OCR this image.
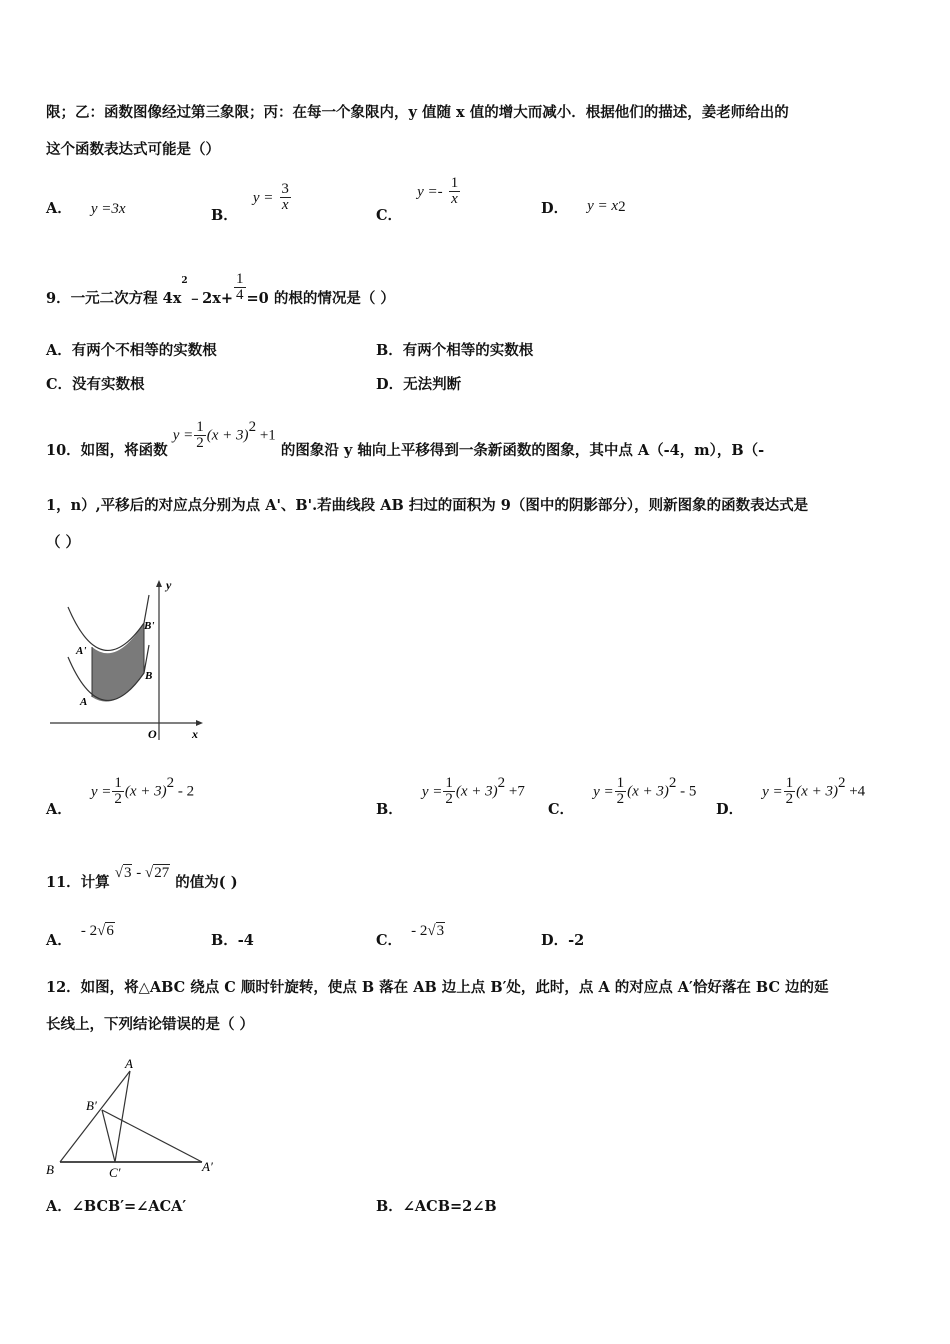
限；乙：函数图像经过第三象限；丙：在每一个象限内，y 值随 x 值的增大而减小．根据他们的描述，姜老师给出的
这个函数表达式可能是（）
A． y =3x	B． $y = \frac{3}{x}$
C． $y =- \frac{1}{x}$
D． $y = x^2$
9．一元二次方程 $4x^2﹣2x+ \frac{1}{4} =0$ 的根的情况是（ ）
A．有两个不相等的实数根	B．有两个相等的实数根
C．没有实数根	D．无法判断
10．如图，将函数 $y = \frac{1}{2} (x + 3)^2 +1$ 的图象沿 y 轴向上平移得到一条新函数的图象，其中点 A（-4，m），B（-
1，n）,平移后的对应点分别为点 A'、B'.若曲线段 AB 扫过的面积为 9（图中的阴影部分），则新图象的函数表达式是
（ ）
y
x
O
A
B
A'
B'
A． $y = \frac{1}{2} (x + 3)^2 - 2$
B． $y = \frac{1}{2} (x + 3)^2 +7$
C． $y = \frac{1}{2} (x + 3)^2 - 5$
D． $y = \frac{1}{2} (x + 3)^2 +4$
11．计算 √3 - √27 的值为( )
A． - 2√6
B．-4	C． - 2√3
D．-2
12．如图，将△ABC 绕点 C 顺时针旋转，使点 B 落在 AB 边上点 B′处，此时，点 A 的对应点 A′恰好落在 BC 边的延
长线上，下列结论错误的是（ ）
A
B
B′
C′	A′
A．∠BCB′=∠ACA′	B．∠ACB=2∠B
